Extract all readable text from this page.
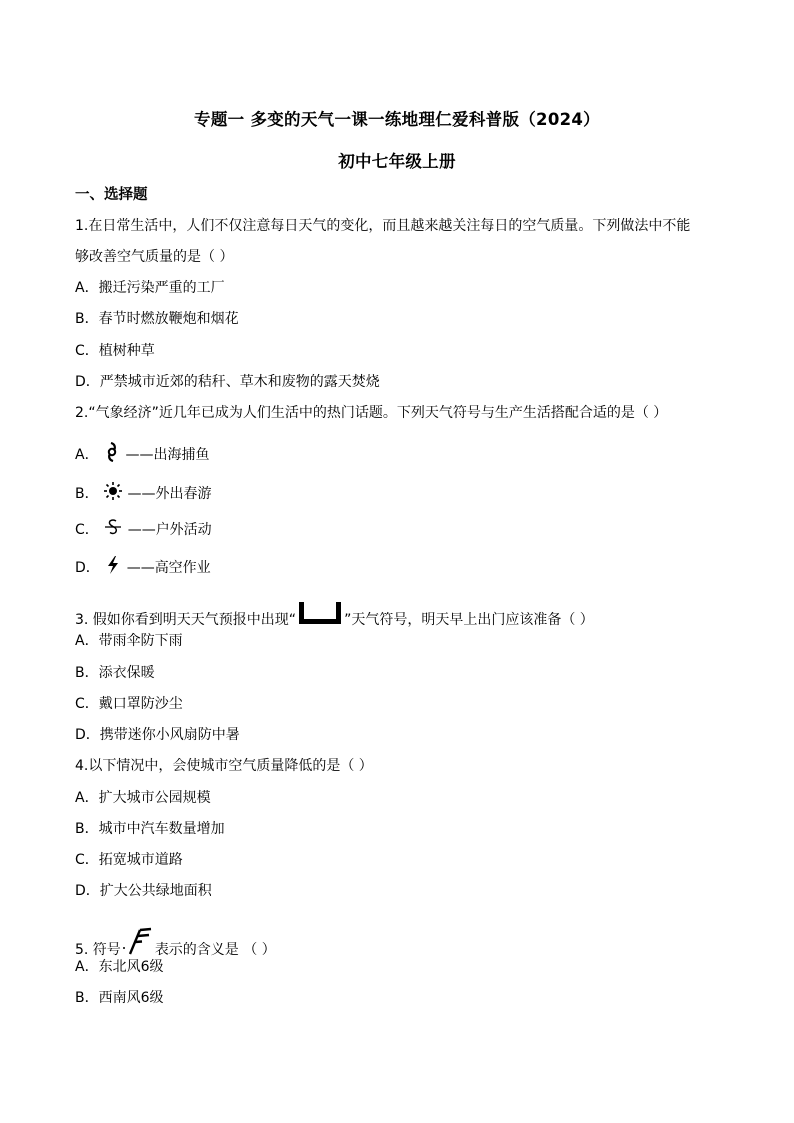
专题一 多变的天气一课一练地理仁爱科普版（2024）
初中七年级上册
一、选择题
1.在日常生活中，人们不仅注意每日天气的变化，而且越来越关注每日的空气质量。下列做法中不能
够改善空气质量的是（ ）
A．搬迁污染严重的工厂
B．春节时燃放鞭炮和烟花
C．植树种草
D．严禁城市近郊的秸秆、草木和废物的露天焚烧
2.“气象经济”近几年已成为人们生活中的热门话题。下列天气符号与生产生活搭配合适的是（ ）
A． ——出海捕鱼
B． ——外出春游
C． ——户外活动
D． ——高空作业
3. 假如你看到明天天气预报中出现“	”天气符号，明天早上出门应该准备（ ）
A．带雨伞防下雨
B．添衣保暖
C．戴口罩防沙尘
D．携带迷你小风扇防中暑
4.以下情况中，会使城市空气质量降低的是（ ）
A．扩大城市公园规模
B．城市中汽车数量增加
C．拓宽城市道路
D．扩大公共绿地面积
5. 符号 表示的含义是 （ ）
A．东北风6级
B．西南风6级
